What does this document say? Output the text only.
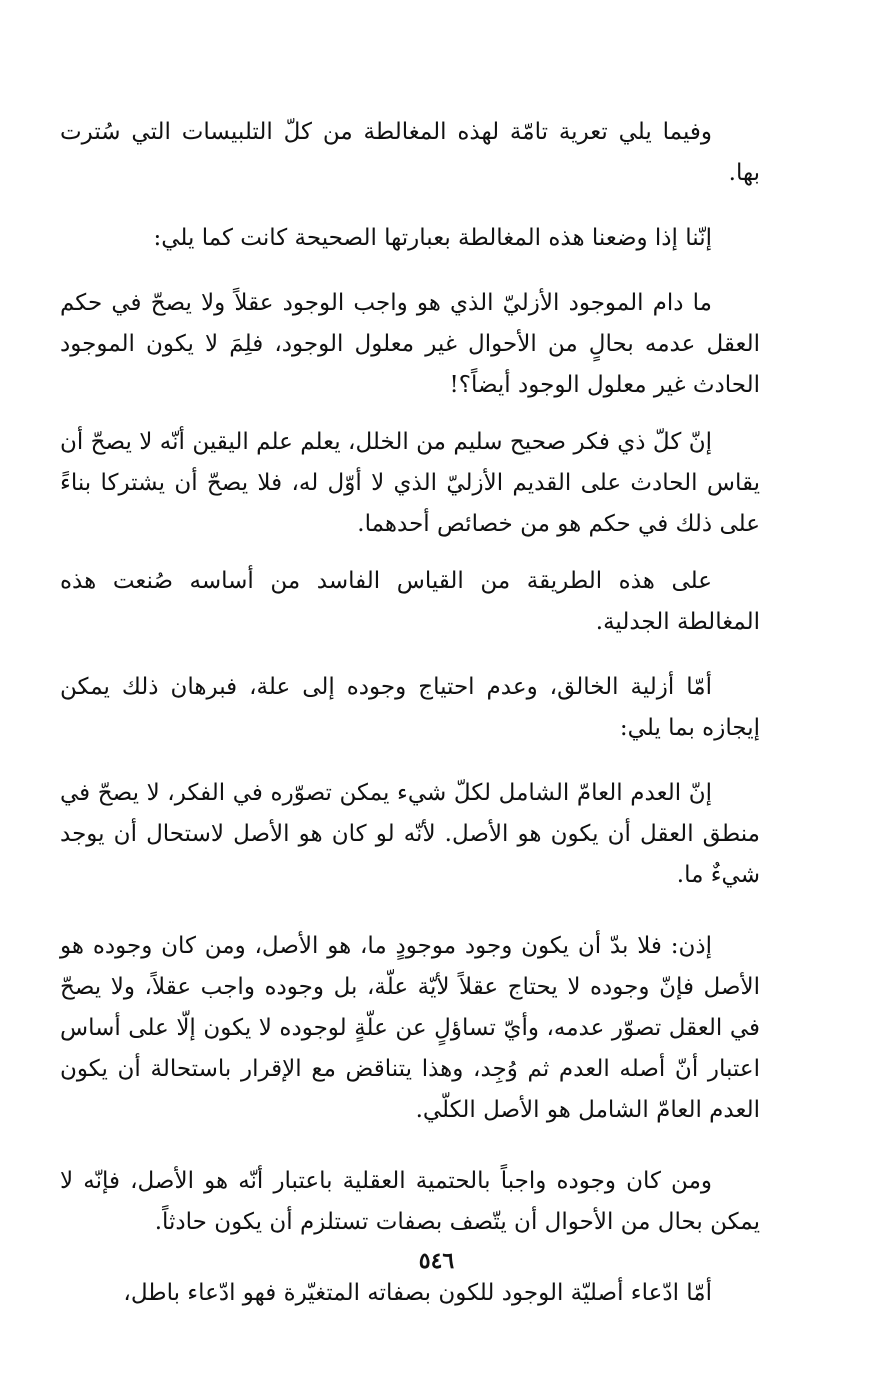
وفيما يلي تعرية تامّة لهذه المغالطة من كلّ التلبيسات التي سُترت بها.

إنّنا إذا وضعنا هذه المغالطة بعبارتها الصحيحة كانت كما يلي:

ما دام الموجود الأزليّ الذي هو واجب الوجود عقلاً ولا يصحّ في حكم العقل عدمه بحالٍ من الأحوال غير معلول الوجود، فلِمَ لا يكون الموجود الحادث غير معلول الوجود أيضاً؟!

إنّ كلّ ذي فكر صحيح سليم من الخلل، يعلم علم اليقين أنّه لا يصحّ أن يقاس الحادث على القديم الأزليّ الذي لا أوّل له، فلا يصحّ أن يشتركا بناءً على ذلك في حكم هو من خصائص أحدهما.

على هذه الطريقة من القياس الفاسد من أساسه صُنعت هذه المغالطة الجدلية.

أمّا أزلية الخالق، وعدم احتياج وجوده إلى علة، فبرهان ذلك يمكن إيجازه بما يلي:

إنّ العدم العامّ الشامل لكلّ شيء يمكن تصوّره في الفكر، لا يصحّ في منطق العقل أن يكون هو الأصل. لأنّه لو كان هو الأصل لاستحال أن يوجد شيءٌ ما.

إذن: فلا بدّ أن يكون وجود موجودٍ ما، هو الأصل، ومن كان وجوده هو الأصل فإنّ وجوده لا يحتاج عقلاً لأيّة علّة، بل وجوده واجب عقلاً، ولا يصحّ في العقل تصوّر عدمه، وأيّ تساؤلٍ عن علّةٍ لوجوده لا يكون إلّا على أساس اعتبار أنّ أصله العدم ثم وُجِد، وهذا يتناقض مع الإقرار باستحالة أن يكون العدم العامّ الشامل هو الأصل الكلّي.

ومن كان وجوده واجباً بالحتمية العقلية باعتبار أنّه هو الأصل، فإنّه لا يمكن بحال من الأحوال أن يتّصف بصفات تستلزم أن يكون حادثاً.

أمّا ادّعاء أصليّة الوجود للكون بصفاته المتغيّرة فهو ادّعاء باطل،

٥٤٦
